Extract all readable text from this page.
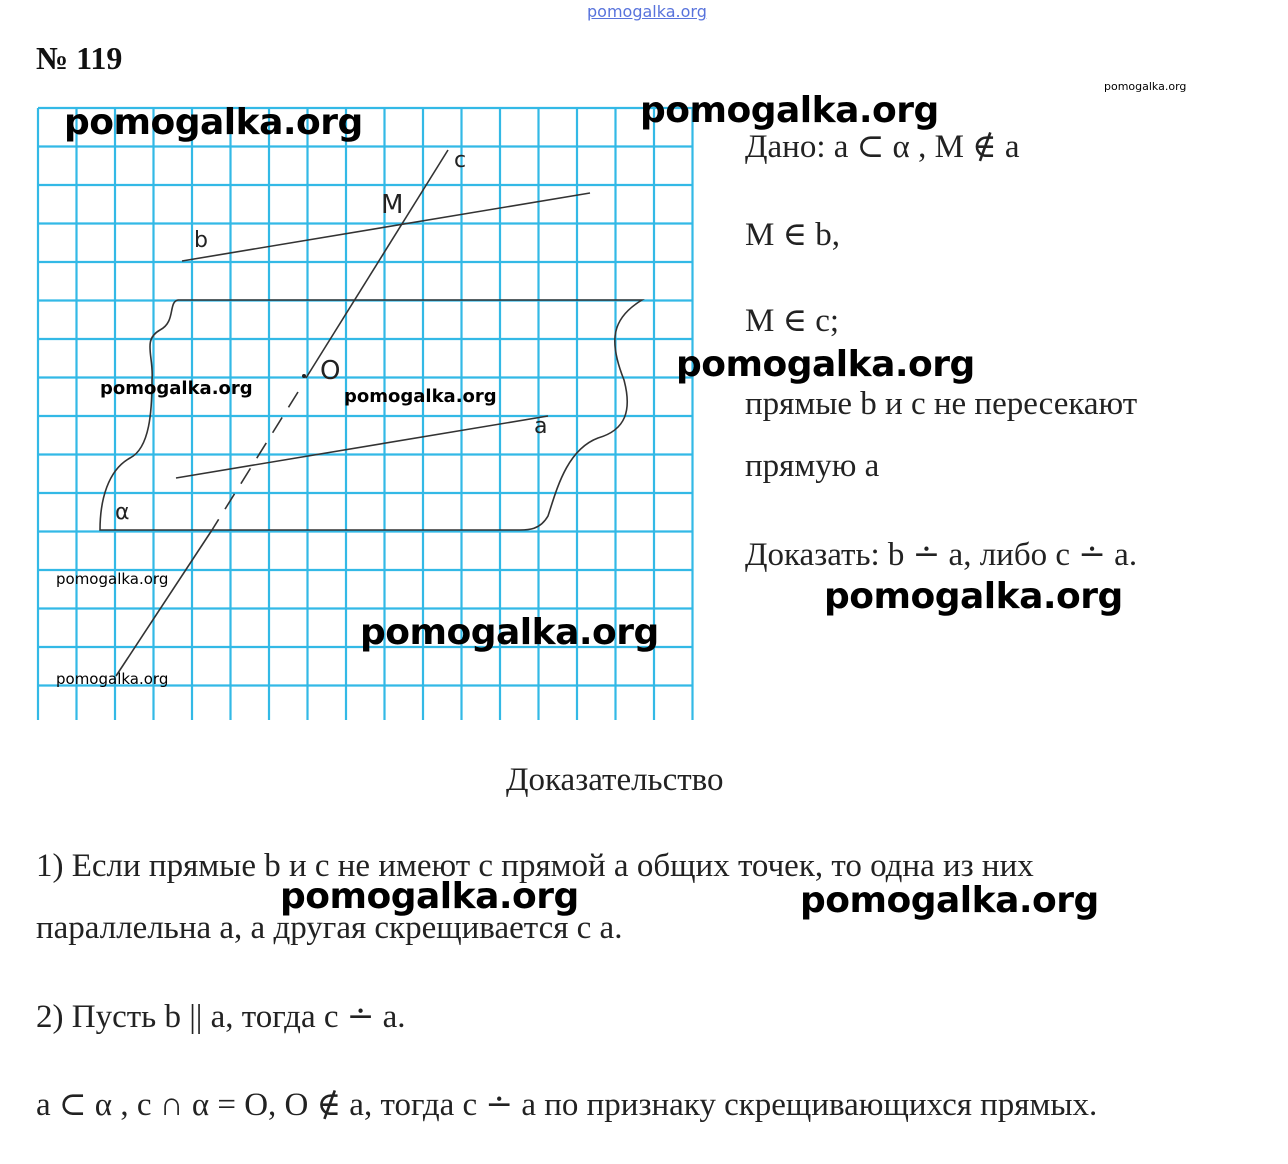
pomogalka.org
№ 119
pomogalka.org
c
M
b
O
a
α
pomogalka.org	pomogalka.org
pomogalka.org	pomogalka.org
pomogalka.org
pomogalka.org
pomogalka.org
Дано: a ⊂ α , M ∉ a
M ∈ b,
M ∈ c;
прямые b и c не пересекают
прямую a
Доказать: b ∸ a, либо c ∸ a.
pomogalka.org
pomogalka.org
Доказательство
1) Если прямые b и c не имеют с прямой a общих точек, то одна из них
параллельна a, а другая скрещивается с a.
pomogalka.org	pomogalka.org
2) Пусть b || a, тогда c ∸ a.
a ⊂ α , c ∩ α = O, O ∉ a, тогда c ∸ a по признаку скрещивающихся прямых.
